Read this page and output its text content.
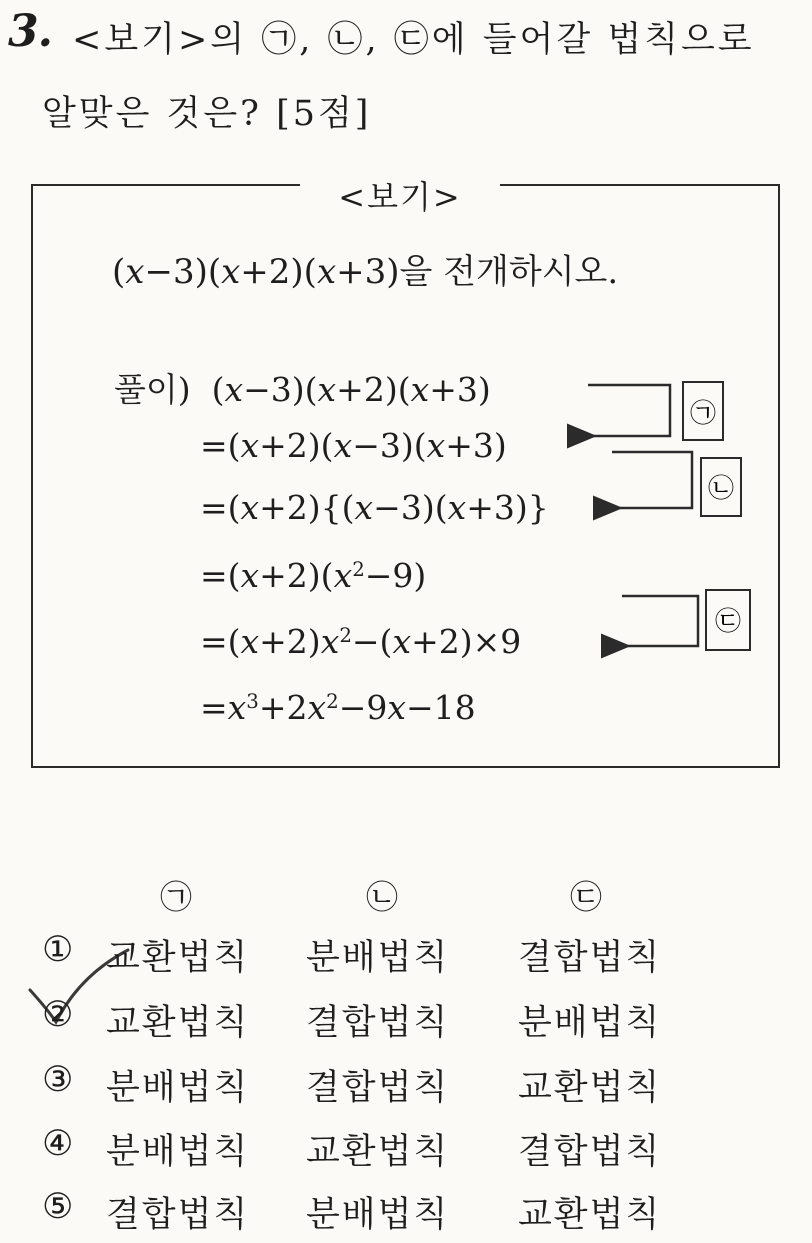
3. <보기>의 ㉠, ㉡, ㉢에 들어갈 법칙으로
알맞은 것은? [5점]
<보기>
(x−3)(x+2)(x+3)을 전개하시오.
풀이)  (x−3)(x+2)(x+3)
=(x+2)(x−3)(x+3)
=(x+2){(x−3)(x+3)}
$=(x+2)(x^2-9)$
$=(x+2)x^2-(x+2)\times 9$
$=x^3+2x^2-9x-18$
㉠
㉡
㉢
㉠	㉡	㉢
① 교환법칙 분배법칙 결합법칙
② 교환법칙 결합법칙 분배법칙
③ 분배법칙 결합법칙 교환법칙
④ 분배법칙 교환법칙 결합법칙
⑤ 결합법칙 분배법칙 교환법칙
